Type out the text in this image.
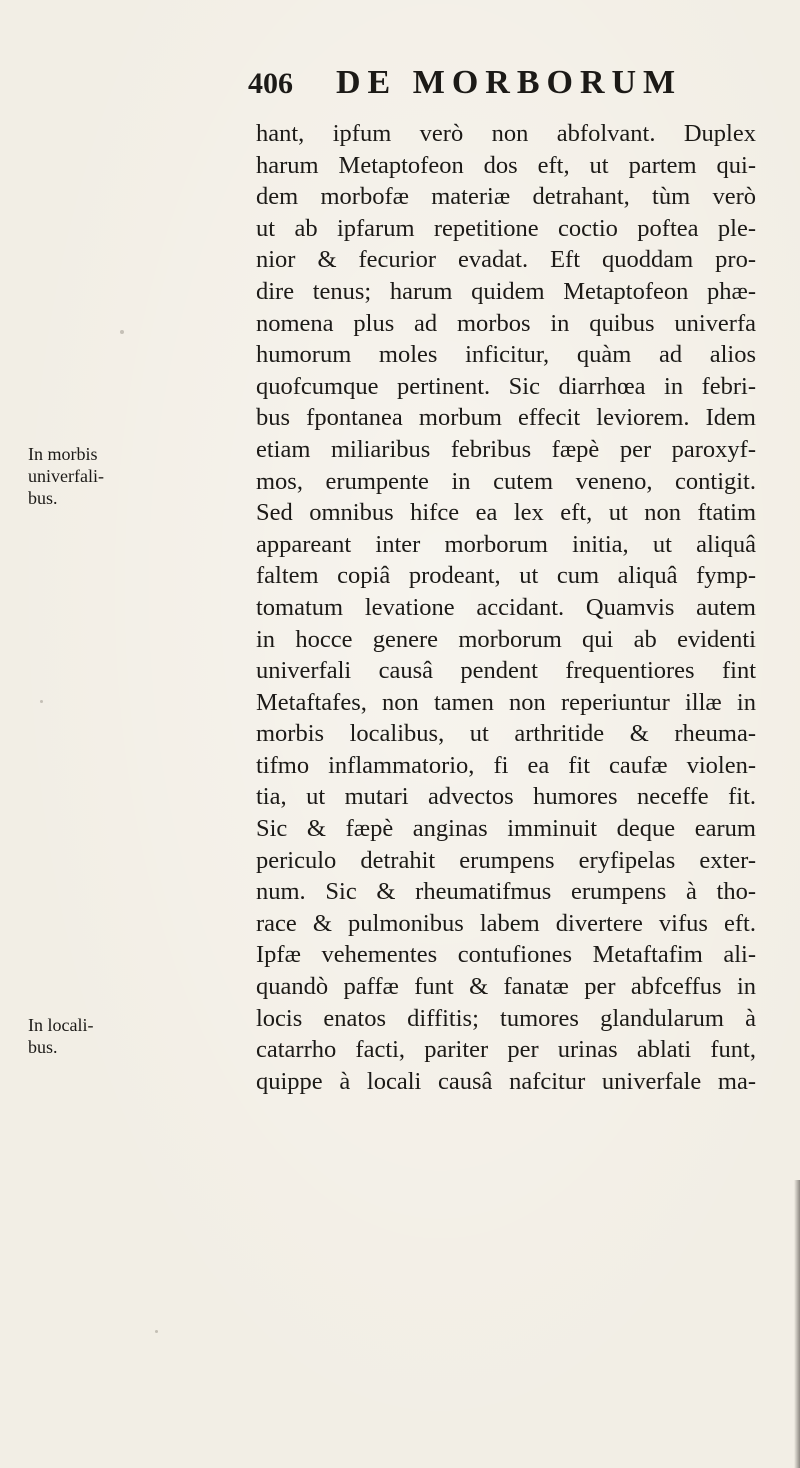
406	DE MORBORUM
In morbis
univerfali-
bus.
In locali-
bus.
hant, ipfum verò non abfolvant. Duplex
harum Metaptofeon dos eft, ut partem qui-
dem morbofæ materiæ detrahant, tùm verò
ut ab ipfarum repetitione coctio poftea ple-
nior & fecurior evadat. Eft quoddam pro-
dire tenus; harum quidem Metaptofeon phæ-
nomena plus ad morbos in quibus univerfa
humorum moles inficitur, quàm ad alios
quofcumque pertinent. Sic diarrhœa in febri-
bus fpontanea morbum effecit leviorem. Idem
etiam miliaribus febribus fæpè per paroxyf-
mos, erumpente in cutem veneno, contigit.
Sed omnibus hifce ea lex eft, ut non ftatim
appareant inter morborum initia, ut aliquâ
faltem copiâ prodeant, ut cum aliquâ fymp-
tomatum levatione accidant. Quamvis autem
in hocce genere morborum qui ab evidenti
univerfali causâ pendent frequentiores fint
Metaftafes, non tamen non reperiuntur illæ in
morbis localibus, ut arthritide & rheuma-
tifmo inflammatorio, fi ea fit caufæ violen-
tia, ut mutari advectos humores neceffe fit.
Sic & fæpè anginas imminuit deque earum
periculo detrahit erumpens eryfipelas exter-
num. Sic & rheumatifmus erumpens à tho-
race & pulmonibus labem divertere vifus eft.
Ipfæ vehementes contufiones Metaftafim ali-
quandò paffæ funt & fanatæ per abfceffus in
locis enatos diffitis; tumores glandularum à
catarrho facti, pariter per urinas ablati funt,
quippe à locali causâ nafcitur univerfale ma-
